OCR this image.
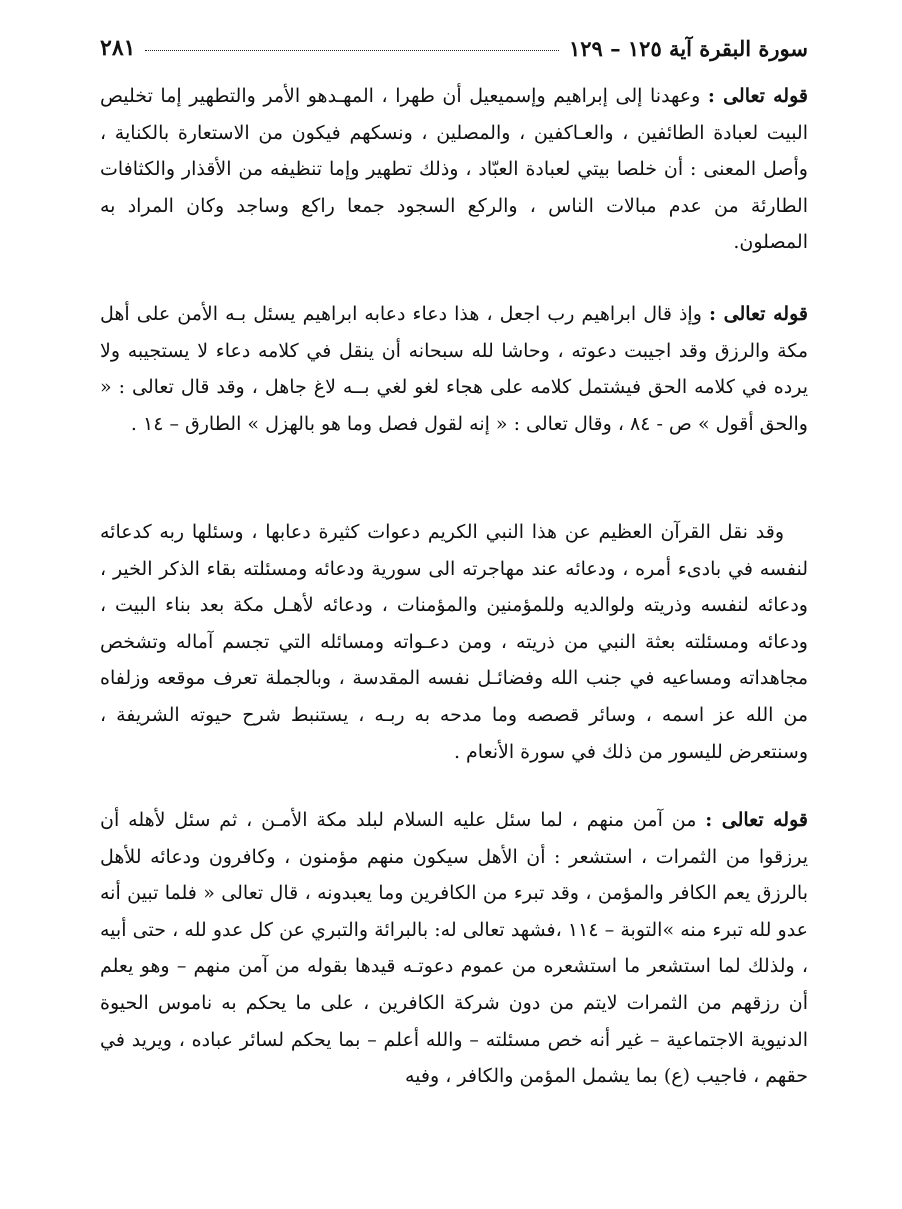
سورة البقرة آية ١٢٥ – ١٢٩
٢٨١

قوله تعالى : وعهدنا إلى إبراهيم وإسميعيل أن طهرا ، المهـدهو الأمر والتطهير إما تخليص البيت لعبادة الطائفين ، والعـاكفين ، والمصلين ، ونسكهم فيكون من الاستعارة بالكناية ، وأصل المعنى : أن خلصا بيتي لعبادة العبّاد ، وذلك تطهير وإما تنظيفه من الأقذار والكثافات الطارئة من عدم مبالات الناس ، والركع السجود جمعا راكع وساجد وكان المراد به المصلون.

قوله تعالى : وإذ قال ابراهيم رب اجعل ، هذا دعاء دعابه ابراهيم يسئل بـه الأمن على أهل مكة والرزق وقد اجيبت دعوته ، وحاشا لله سبحانه أن ينقل في كلامه دعاء لا يستجيبه ولا يرده في كلامه الحق فيشتمل كلامه على هجاء لغو لغي بــه لاغ جاهل ، وقد قال تعالى : « والحق أقول » ص - ٨٤ ، وقال تعالى : « إنه لقول فصل وما هو بالهزل » الطارق – ١٤ .

وقد نقل القرآن العظيم عن هذا النبي الكريم دعوات كثيرة دعابها ، وسئلها ربه كدعائه لنفسه في بادىء أمره ، ودعائه عند مهاجرته الى سورية ودعائه ومسئلته بقاء الذكر الخير ، ودعائه لنفسه وذريته ولوالديه وللمؤمنين والمؤمنات ، ودعائه لأهـل مكة بعد بناء البيت ، ودعائه ومسئلته بعثة النبي من ذريته ، ومن دعـواته ومسائله التي تجسم آماله وتشخص مجاهداته ومساعيه في جنب الله وفضائـل نفسه المقدسة ، وبالجملة تعرف موقعه وزلفاه من الله عز اسمه ، وسائر قصصه وما مدحه به ربـه ، يستنبط شرح حيوته الشريفة ، وسنتعرض لليسور من ذلك في سورة الأنعام .

قوله تعالى : من آمن منهم ، لما سئل عليه السلام لبلد مكة الأمـن ، ثم سئل لأهله أن يرزقوا من الثمرات ، استشعر : أن الأهل سيكون منهم مؤمنون ، وكافرون ودعائه للأهل بالرزق يعم الكافر والمؤمن ، وقد تبرء من الكافرين وما يعبدونه ، قال تعالى « فلما تبين أنه عدو لله تبرء منه »التوبة – ١١٤ ،فشهد تعالى له: بالبرائة والتبري عن كل عدو لله ، حتى أبيه ، ولذلك لما استشعر ما استشعره من عموم دعوتـه قيدها بقوله من آمن منهم – وهو يعلم أن رزقهم من الثمرات لايتم من دون شركة الكافرين ، على ما يحكم به ناموس الحيوة الدنيوية الاجتماعية – غير أنه خص مسئلته – والله أعلم – بما يحكم لسائر عباده ، ويريد في حقهم ، فاجيب (ع) بما يشمل المؤمن والكافر ، وفيه
